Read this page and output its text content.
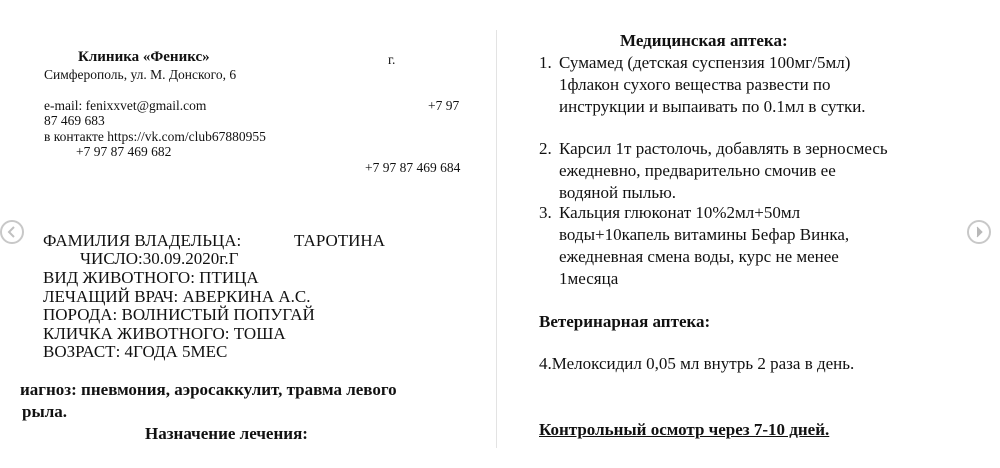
Клиника «Феникс»	г.
Симферополь, ул. М. Донского, 6
e-mail: fenixxvet@gmail.com	+7 97
87 469 683
в контакте https://vk.com/club67880955
+7 97 87 469 682
+7 97 87 469 684
ФАМИЛИЯ ВЛАДЕЛЬЦА:	ТАРОТИНА
ЧИСЛО:30.09.2020г.Г
ВИД ЖИВОТНОГО: ПТИЦА
ЛЕЧАЩИЙ ВРАЧ: АВЕРКИНА А.С.
ПОРОДА: ВОЛНИСТЫЙ ПОПУГАЙ
КЛИЧКА ЖИВОТНОГО: ТОША
ВОЗРАСТ: 4ГОДА 5МЕС
иагноз: пневмония, аэросаккулит, травма левого
рыла.
Назначение лечения:
Медицинская аптека:
1. Сумамед (детская суспензия 100мг/5мл)
1флакон сухого вещества развести по
инструкции и выпаивать по 0.1мл в сутки.
2. Карсил 1т растолочь, добавлять в зерносмесь
ежедневно, предварительно смочив ее
водяной пылью.
3. Кальция глюконат 10%2мл+50мл
воды+10капель витамины Бефар Винка,
ежедневная смена воды, курс не менее
1месяца
Ветеринарная аптека:
4.Мелоксидил 0,05 мл внутрь 2 раза в день.
Контрольный осмотр через 7-10 дней.
